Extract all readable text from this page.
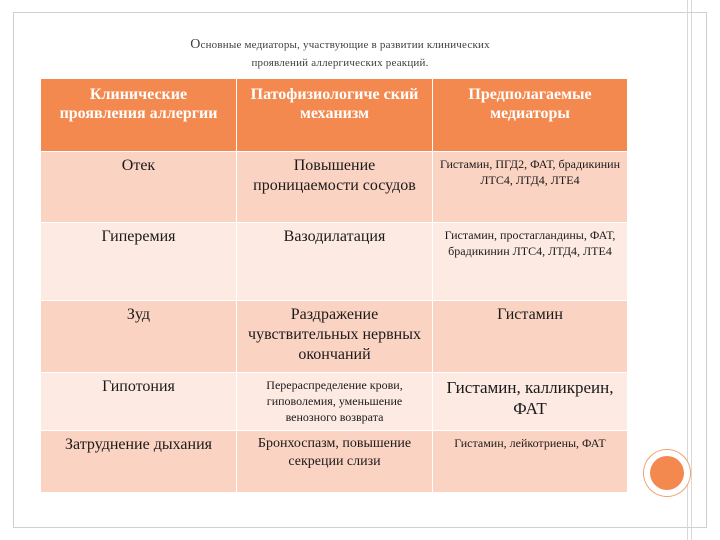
Основные медиаторы, участвующие в развитии клинических
проявлений аллергических реакций.
Клинические проявления аллергии	Патофизиологиче ский механизм	Предполагаемые медиаторы
Отек	Повышение проницаемости сосудов	Гистамин, ПГД2, ФАТ, брадикинин ЛТС4, ЛТД4, ЛТЕ4
Гиперемия	Вазодилатация	Гистамин, простагландины, ФАТ, брадикинин ЛТС4, ЛТД4, ЛТЕ4
Зуд	Раздражение чувствительных нервных окончаний	Гистамин
Гипотония	Перераспределение крови, гиповолемия, уменьшение венозного возврата	Гистамин, калликреин, ФАТ
Затруднение дыхания	Бронхоспазм, повышение секреции слизи	Гистамин, лейкотриены, ФАТ
